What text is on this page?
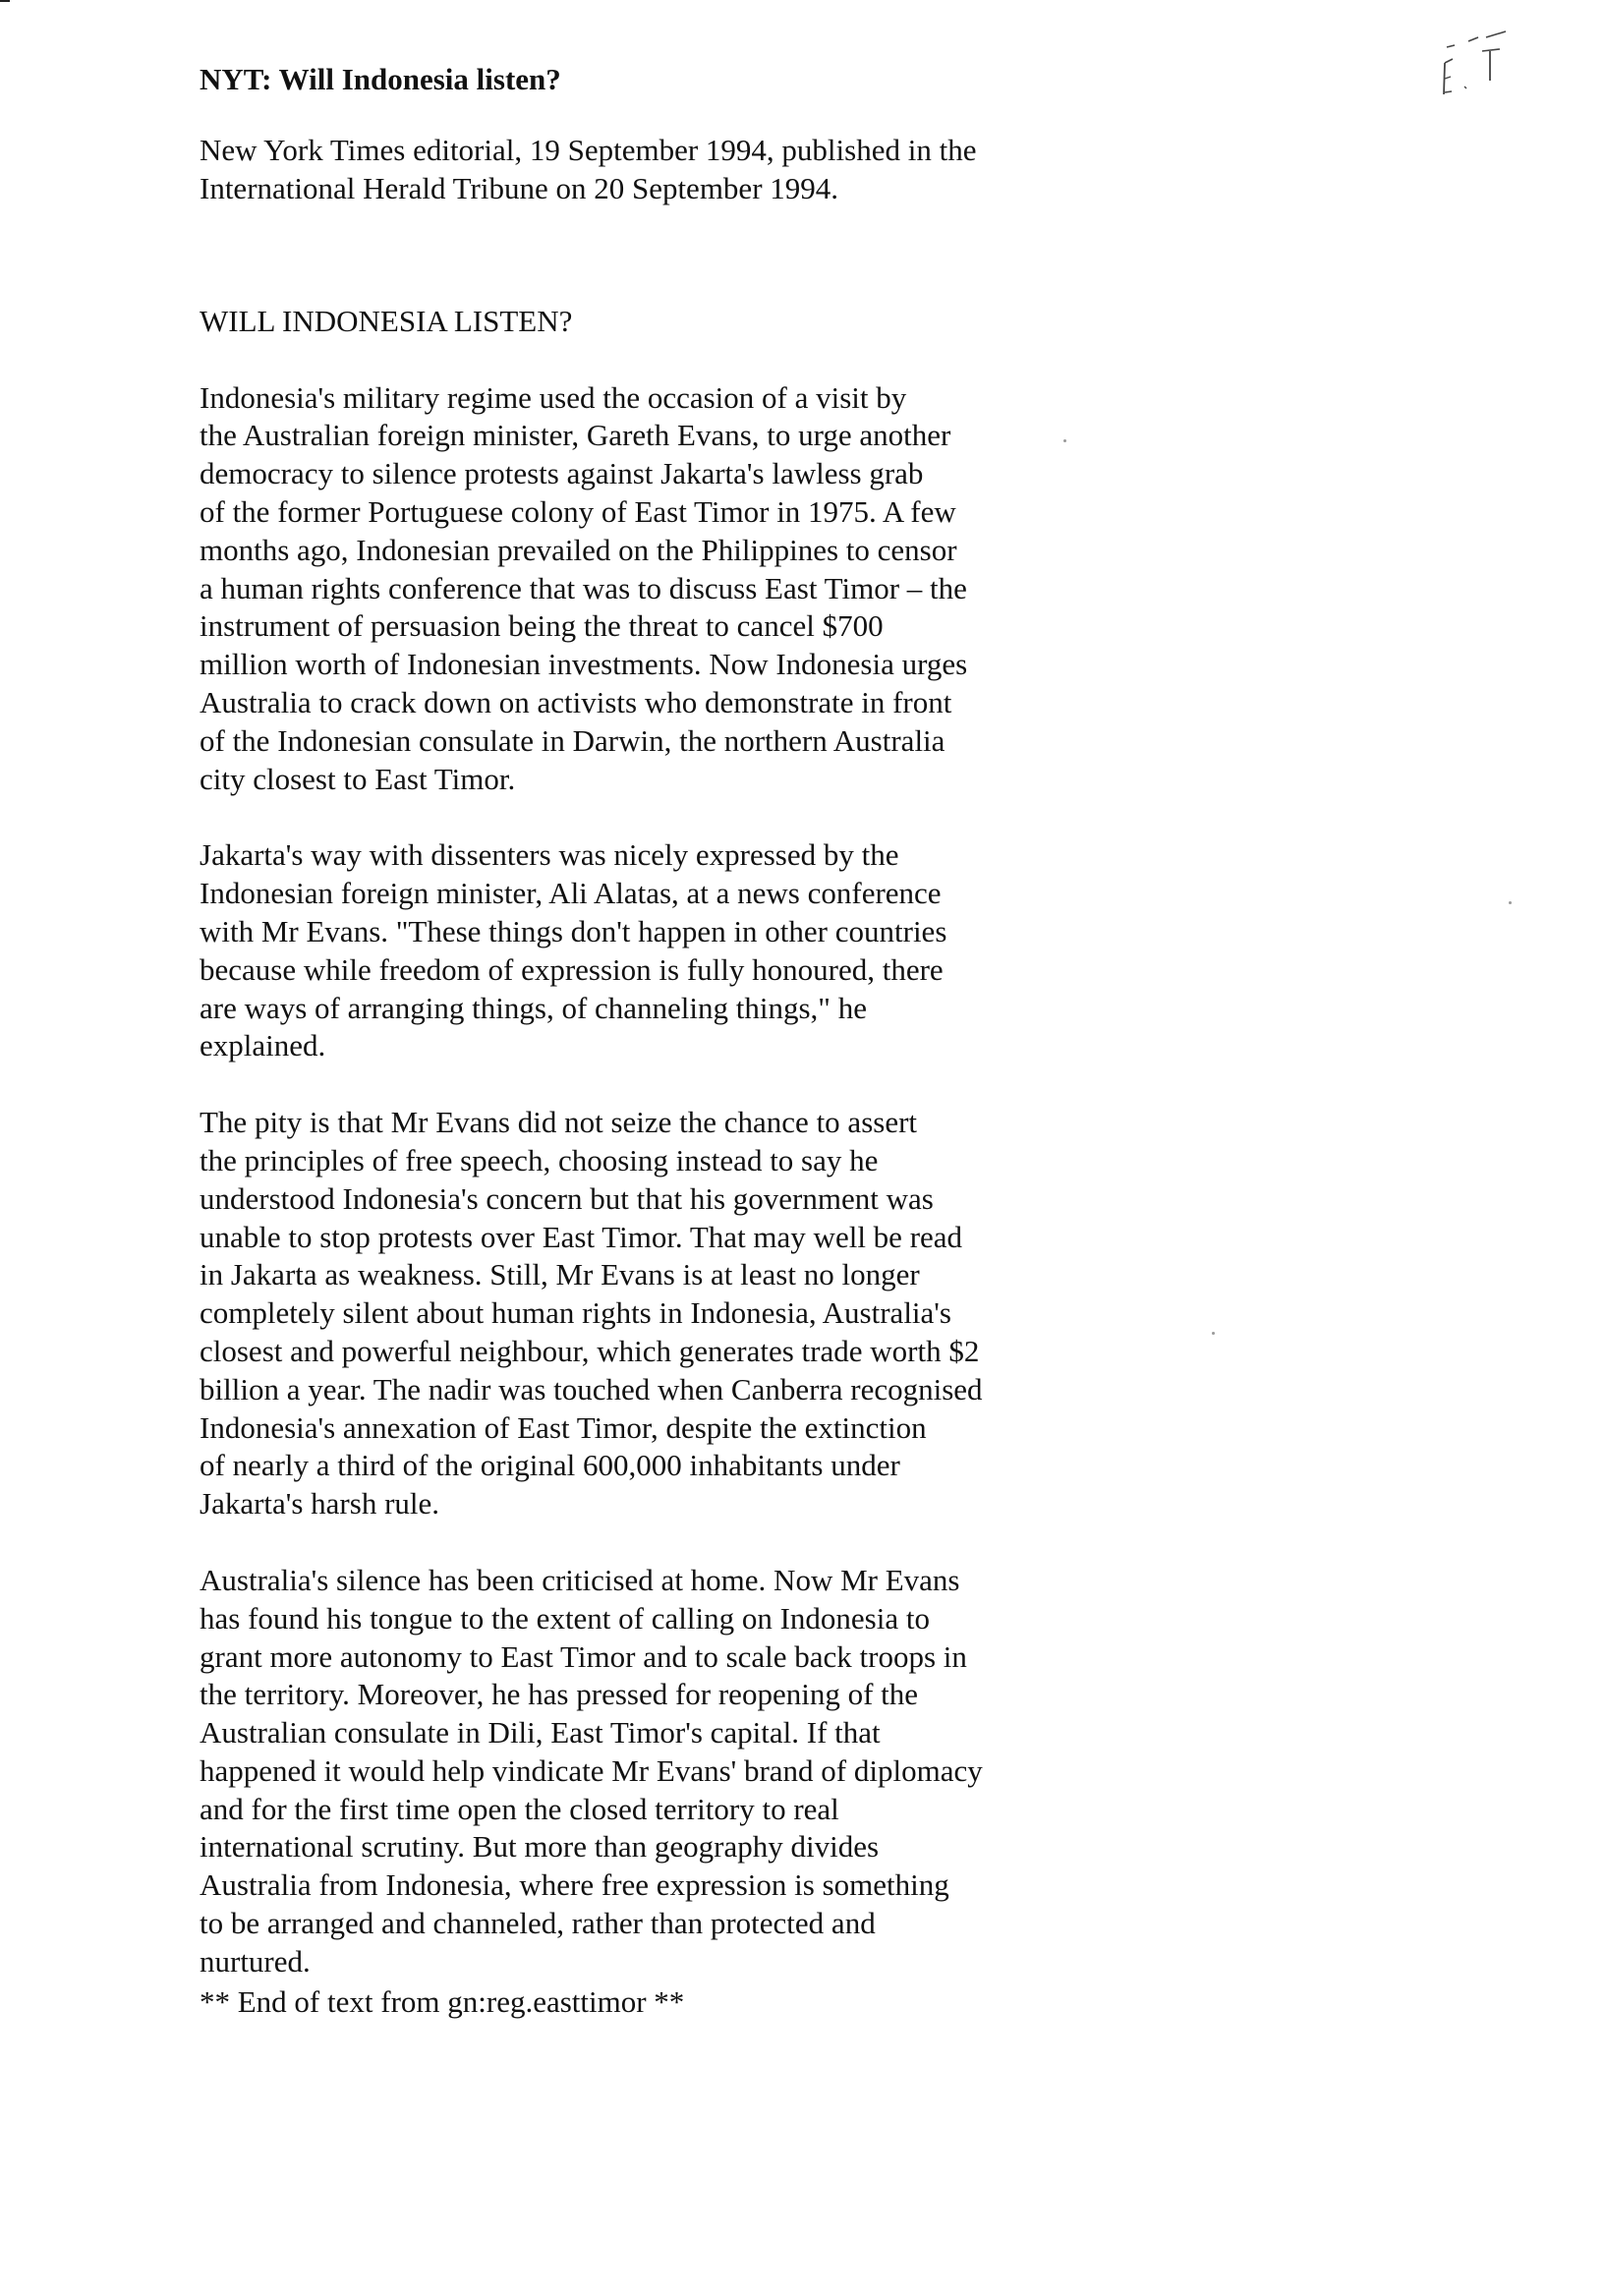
NYT: Will Indonesia listen?

New York Times editorial, 19 September 1994, published in the

International Herald Tribune on 20 September 1994.

WILL INDONESIA LISTEN?

Indonesia's military regime used the occasion of a visit by

the Australian foreign minister, Gareth Evans, to urge another

democracy to silence protests against Jakarta's lawless grab

of the former Portuguese colony of East Timor in 1975. A few

months ago, Indonesian prevailed on the Philippines to censor

a human rights conference that was to discuss East Timor – the

instrument of persuasion being the threat to cancel $700

million worth of Indonesian investments. Now Indonesia urges

Australia to crack down on activists who demonstrate in front

of the Indonesian consulate in Darwin, the northern Australia

city closest to East Timor.

Jakarta's way with dissenters was nicely expressed by the

Indonesian foreign minister, Ali Alatas, at a news conference

with Mr Evans. "These things don't happen in other countries

because while freedom of expression is fully honoured, there

are ways of arranging things, of channeling things," he

explained.

The pity is that Mr Evans did not seize the chance to assert

the principles of free speech, choosing instead to say he

understood Indonesia's concern but that his government was

unable to stop protests over East Timor. That may well be read

in Jakarta as weakness. Still, Mr Evans is at least no longer

completely silent about human rights in Indonesia, Australia's

closest and powerful neighbour, which generates trade worth $2

billion a year. The nadir was touched when Canberra recognised

Indonesia's annexation of East Timor, despite the extinction

of nearly a third of the original 600,000 inhabitants under

Jakarta's harsh rule.

Australia's silence has been criticised at home. Now Mr Evans

has found his tongue to the extent of calling on Indonesia to

grant more autonomy to East Timor and to scale back troops in

the territory. Moreover, he has pressed for reopening of the

Australian consulate in Dili, East Timor's capital. If that

happened it would help vindicate Mr Evans' brand of diplomacy

and for the first time open the closed territory to real

international scrutiny. But more than geography divides

Australia from Indonesia, where free expression is something

to be arranged and channeled, rather than protected and

nurtured.

** End of text from gn:reg.easttimor **
